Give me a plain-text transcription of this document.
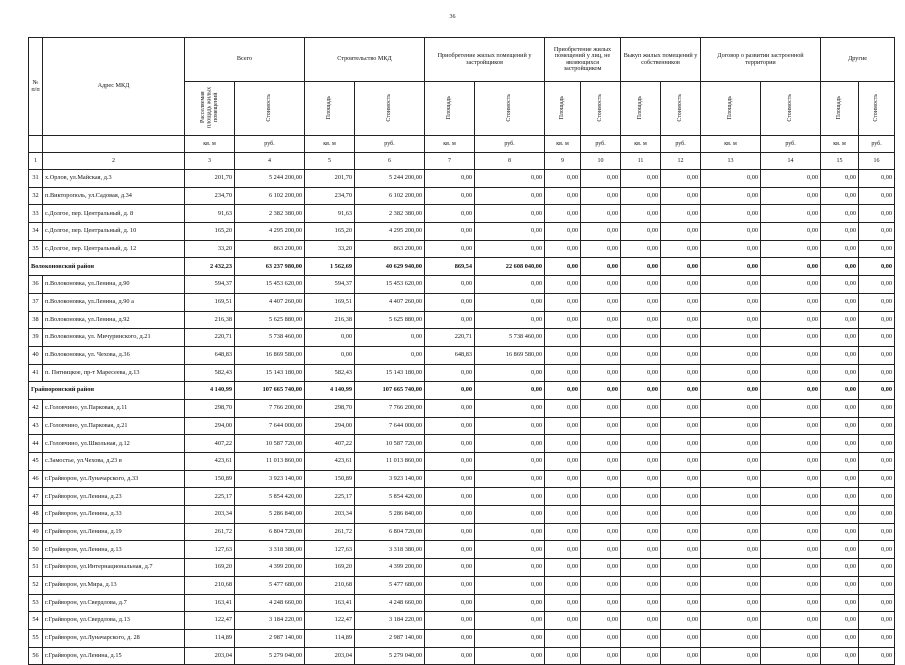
36
№ п/п	Адрес МКД	Всего		Строительство МКД		Приобретение жилых помещений у застройщиков		Приобретение жилых помещений у лиц, не являющихся застройщиком		Выкуп жилых помещений у собственников		Договор о развитии застроенной территории		Другие	
		Расселяемая площадь жилых помещений	Стоимость	Площадь	Стоимость	Площадь	Стоимость	Площадь	Стоимость	Площадь	Стоимость	Площадь	Стоимость	Площадь	Стоимость
		кв. м	руб.	кв. м	руб.	кв. м	руб.	кв. м	руб.	кв. м	руб.	кв. м	руб.	кв. м	руб.
1	2	3	4	5	6	7	8	9	10	11	12	13	14	15	16
31	х.Орлов, ул.Майская, д.3	201,70	5 244 200,00	201,70	5 244 200,00	0,00	0,00	0,00	0,00	0,00	0,00	0,00	0,00	0,00	0,00
32	п.Викторополь, ул.Садовая, д.34	234,70	6 102 200,00	234,70	6 102 200,00	0,00	0,00	0,00	0,00	0,00	0,00	0,00	0,00	0,00	0,00
33	с.Долгое, пер. Центральный, д. 8	91,63	2 382 380,00	91,63	2 382 380,00	0,00	0,00	0,00	0,00	0,00	0,00	0,00	0,00	0,00	0,00
34	с.Долгое, пер. Центральный, д. 10	165,20	4 295 200,00	165,20	4 295 200,00	0,00	0,00	0,00	0,00	0,00	0,00	0,00	0,00	0,00	0,00
35	с.Долгое, пер. Центральный, д. 12	33,20	863 200,00	33,20	863 200,00	0,00	0,00	0,00	0,00	0,00	0,00	0,00	0,00	0,00	0,00
Волоконовский район		2 432,23	63 237 980,00	1 562,69	40 629 940,00	869,54	22 608 040,00	0,00	0,00	0,00	0,00	0,00	0,00	0,00	0,00
36	п.Волоконовка, ул.Ленина, д.90	594,37	15 453 620,00	594,37	15 453 620,00	0,00	0,00	0,00	0,00	0,00	0,00	0,00	0,00	0,00	0,00
37	п.Волоконовка, ул.Ленина, д.90 а	169,51	4 407 260,00	169,51	4 407 260,00	0,00	0,00	0,00	0,00	0,00	0,00	0,00	0,00	0,00	0,00
38	п.Волоконовка, ул.Ленина, д.92	216,38	5 625 880,00	216,38	5 625 880,00	0,00	0,00	0,00	0,00	0,00	0,00	0,00	0,00	0,00	0,00
39	п.Волоконовка, ул. Мичуринского, д.21	220,71	5 738 460,00	0,00	0,00	220,71	5 738 460,00	0,00	0,00	0,00	0,00	0,00	0,00	0,00	0,00
40	п.Волоконовка, ул. Чехова, д.36	648,83	16 869 580,00	0,00	0,00	648,83	16 869 580,00	0,00	0,00	0,00	0,00	0,00	0,00	0,00	0,00
41	п. Пятницкое, пр-т Маресеева, д.13	582,43	15 143 180,00	582,43	15 143 180,00	0,00	0,00	0,00	0,00	0,00	0,00	0,00	0,00	0,00	0,00
Грайворонский район		4 140,99	107 665 740,00	4 140,99	107 665 740,00	0,00	0,00	0,00	0,00	0,00	0,00	0,00	0,00	0,00	0,00
42	с.Головчино, ул.Парковая, д.11	298,70	7 766 200,00	298,70	7 766 200,00	0,00	0,00	0,00	0,00	0,00	0,00	0,00	0,00	0,00	0,00
43	с.Головчино, ул.Парковая, д.21	294,00	7 644 000,00	294,00	7 644 000,00	0,00	0,00	0,00	0,00	0,00	0,00	0,00	0,00	0,00	0,00
44	с.Головчино, ул.Школьная, д.12	407,22	10 587 720,00	407,22	10 587 720,00	0,00	0,00	0,00	0,00	0,00	0,00	0,00	0,00	0,00	0,00
45	с.Замостье, ул.Чехова, д.23 в	423,61	11 013 860,00	423,61	11 013 860,00	0,00	0,00	0,00	0,00	0,00	0,00	0,00	0,00	0,00	0,00
46	г.Грайворон, ул.Луначарского, д.33	150,89	3 923 140,00	150,89	3 923 140,00	0,00	0,00	0,00	0,00	0,00	0,00	0,00	0,00	0,00	0,00
47	г.Грайворон, ул.Ленина, д.23	225,17	5 854 420,00	225,17	5 854 420,00	0,00	0,00	0,00	0,00	0,00	0,00	0,00	0,00	0,00	0,00
48	г.Грайворон, ул.Ленина, д.33	203,34	5 286 840,00	203,34	5 286 840,00	0,00	0,00	0,00	0,00	0,00	0,00	0,00	0,00	0,00	0,00
49	г.Грайворон, ул.Ленина, д.19	261,72	6 804 720,00	261,72	6 804 720,00	0,00	0,00	0,00	0,00	0,00	0,00	0,00	0,00	0,00	0,00
50	г.Грайворон, ул.Ленина, д.13	127,63	3 318 380,00	127,63	3 318 380,00	0,00	0,00	0,00	0,00	0,00	0,00	0,00	0,00	0,00	0,00
51	г.Грайворон, ул.Интернациональная, д.7	169,20	4 399 200,00	169,20	4 399 200,00	0,00	0,00	0,00	0,00	0,00	0,00	0,00	0,00	0,00	0,00
52	г.Грайворон, ул.Мира, д.13	210,68	5 477 680,00	210,68	5 477 680,00	0,00	0,00	0,00	0,00	0,00	0,00	0,00	0,00	0,00	0,00
53	г.Грайворон, ул.Свердлова, д.7	163,41	4 248 660,00	163,41	4 248 660,00	0,00	0,00	0,00	0,00	0,00	0,00	0,00	0,00	0,00	0,00
54	г.Грайворон, ул.Свердлова, д.13	122,47	3 184 220,00	122,47	3 184 220,00	0,00	0,00	0,00	0,00	0,00	0,00	0,00	0,00	0,00	0,00
55	г.Грайворон, ул.Луначарского, д. 28	114,89	2 987 140,00	114,89	2 987 140,00	0,00	0,00	0,00	0,00	0,00	0,00	0,00	0,00	0,00	0,00
56	г.Грайворон, ул.Ленина, д.15	203,04	5 279 040,00	203,04	5 279 040,00	0,00	0,00	0,00	0,00	0,00	0,00	0,00	0,00	0,00	0,00
